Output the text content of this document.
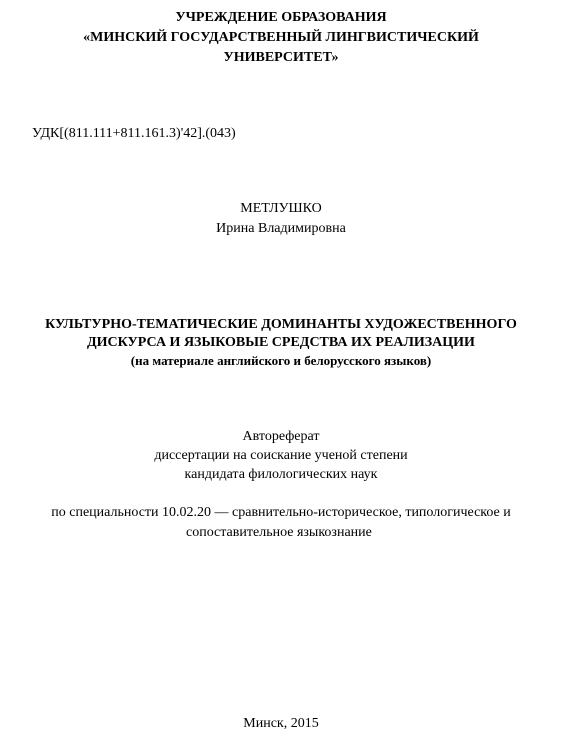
УЧРЕЖДЕНИЕ ОБРАЗОВАНИЯ
«МИНСКИЙ ГОСУДАРСТВЕННЫЙ ЛИНГВИСТИЧЕСКИЙ
УНИВЕРСИТЕТ»
УДК[(811.111+811.161.3)'42].(043)
МЕТЛУШКО
Ирина Владимировна
КУЛЬТУРНО-ТЕМАТИЧЕСКИЕ ДОМИНАНТЫ ХУДОЖЕСТВЕННОГО
ДИСКУРСА И ЯЗЫКОВЫЕ СРЕДСТВА ИХ РЕАЛИЗАЦИИ
(на материале английского и белорусского языков)
Автореферат
диссертации на соискание ученой степени
кандидата филологических наук
по специальности 10.02.20 — сравнительно-историческое, типологическое и
сопоставительное языкознание
Минск, 2015
